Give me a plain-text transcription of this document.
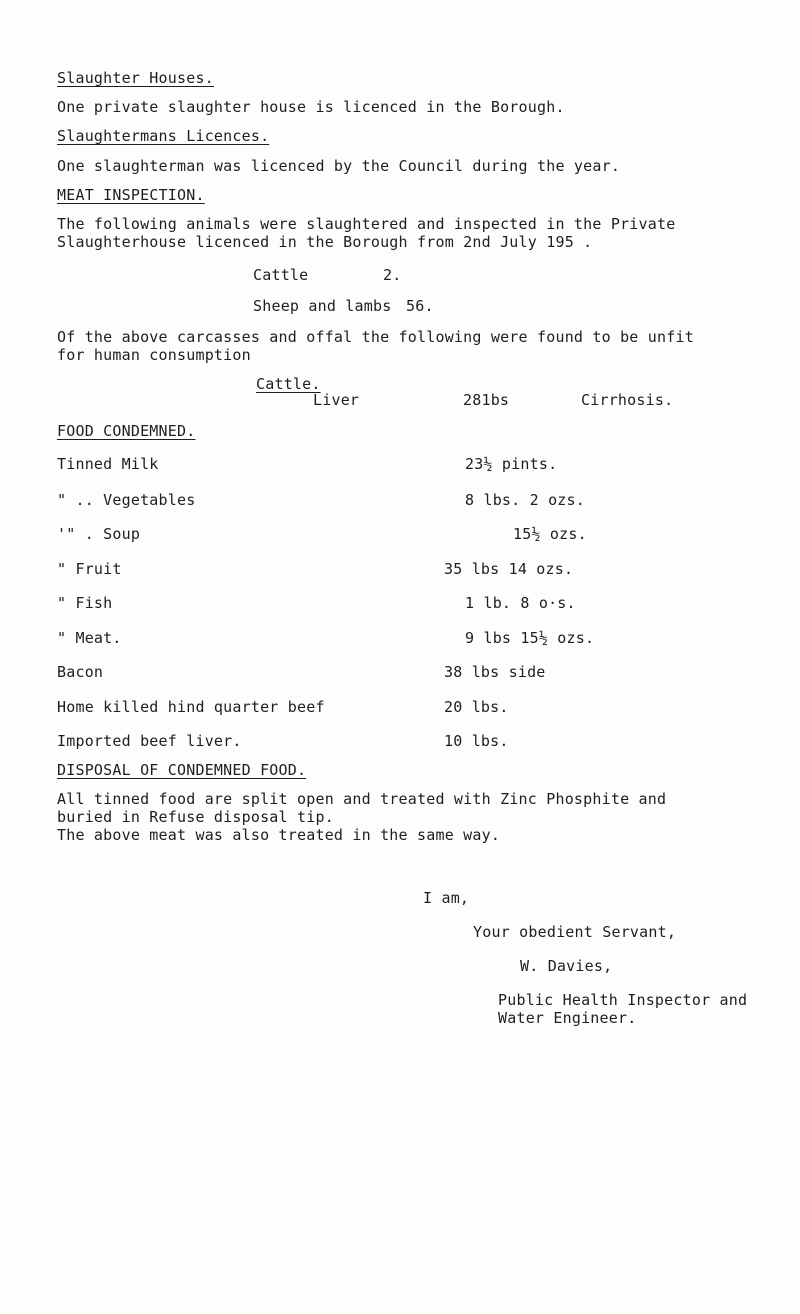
Slaughter Houses.
One private slaughter house is licenced in the Borough.
Slaughtermans Licences.
One slaughterman was licenced by the Council during the year.
MEAT INSPECTION.
The following animals were slaughtered and inspected in the Private
Slaughterhouse licenced in the Borough from 2nd July 195 .
Cattle	2.
Sheep and lambs 56.
Of the above carcasses and offal the following were found to be unfit
for human consumption
Cattle.
Liver	281bs	Cirrhosis.
FOOD CONDEMNED.
Tinned Milk	23½ pints.
" .. Vegetables	8 lbs. 2 ozs.
'" . Soup	15½ ozs.
" Fruit	35 lbs 14 ozs.
" Fish	1 lb. 8 o·s.
" Meat.	9 lbs 15½ ozs.
Bacon	38 lbs side
Home killed hind quarter beef	20 lbs.
Imported beef liver.	10 lbs.
DISPOSAL OF CONDEMNED FOOD.
All tinned food are split open and treated with Zinc Phosphite and
buried in Refuse disposal tip.
The above meat was also treated in the same way.
I am,
Your obedient Servant,
W. Davies,
Public Health Inspector and
Water Engineer.
